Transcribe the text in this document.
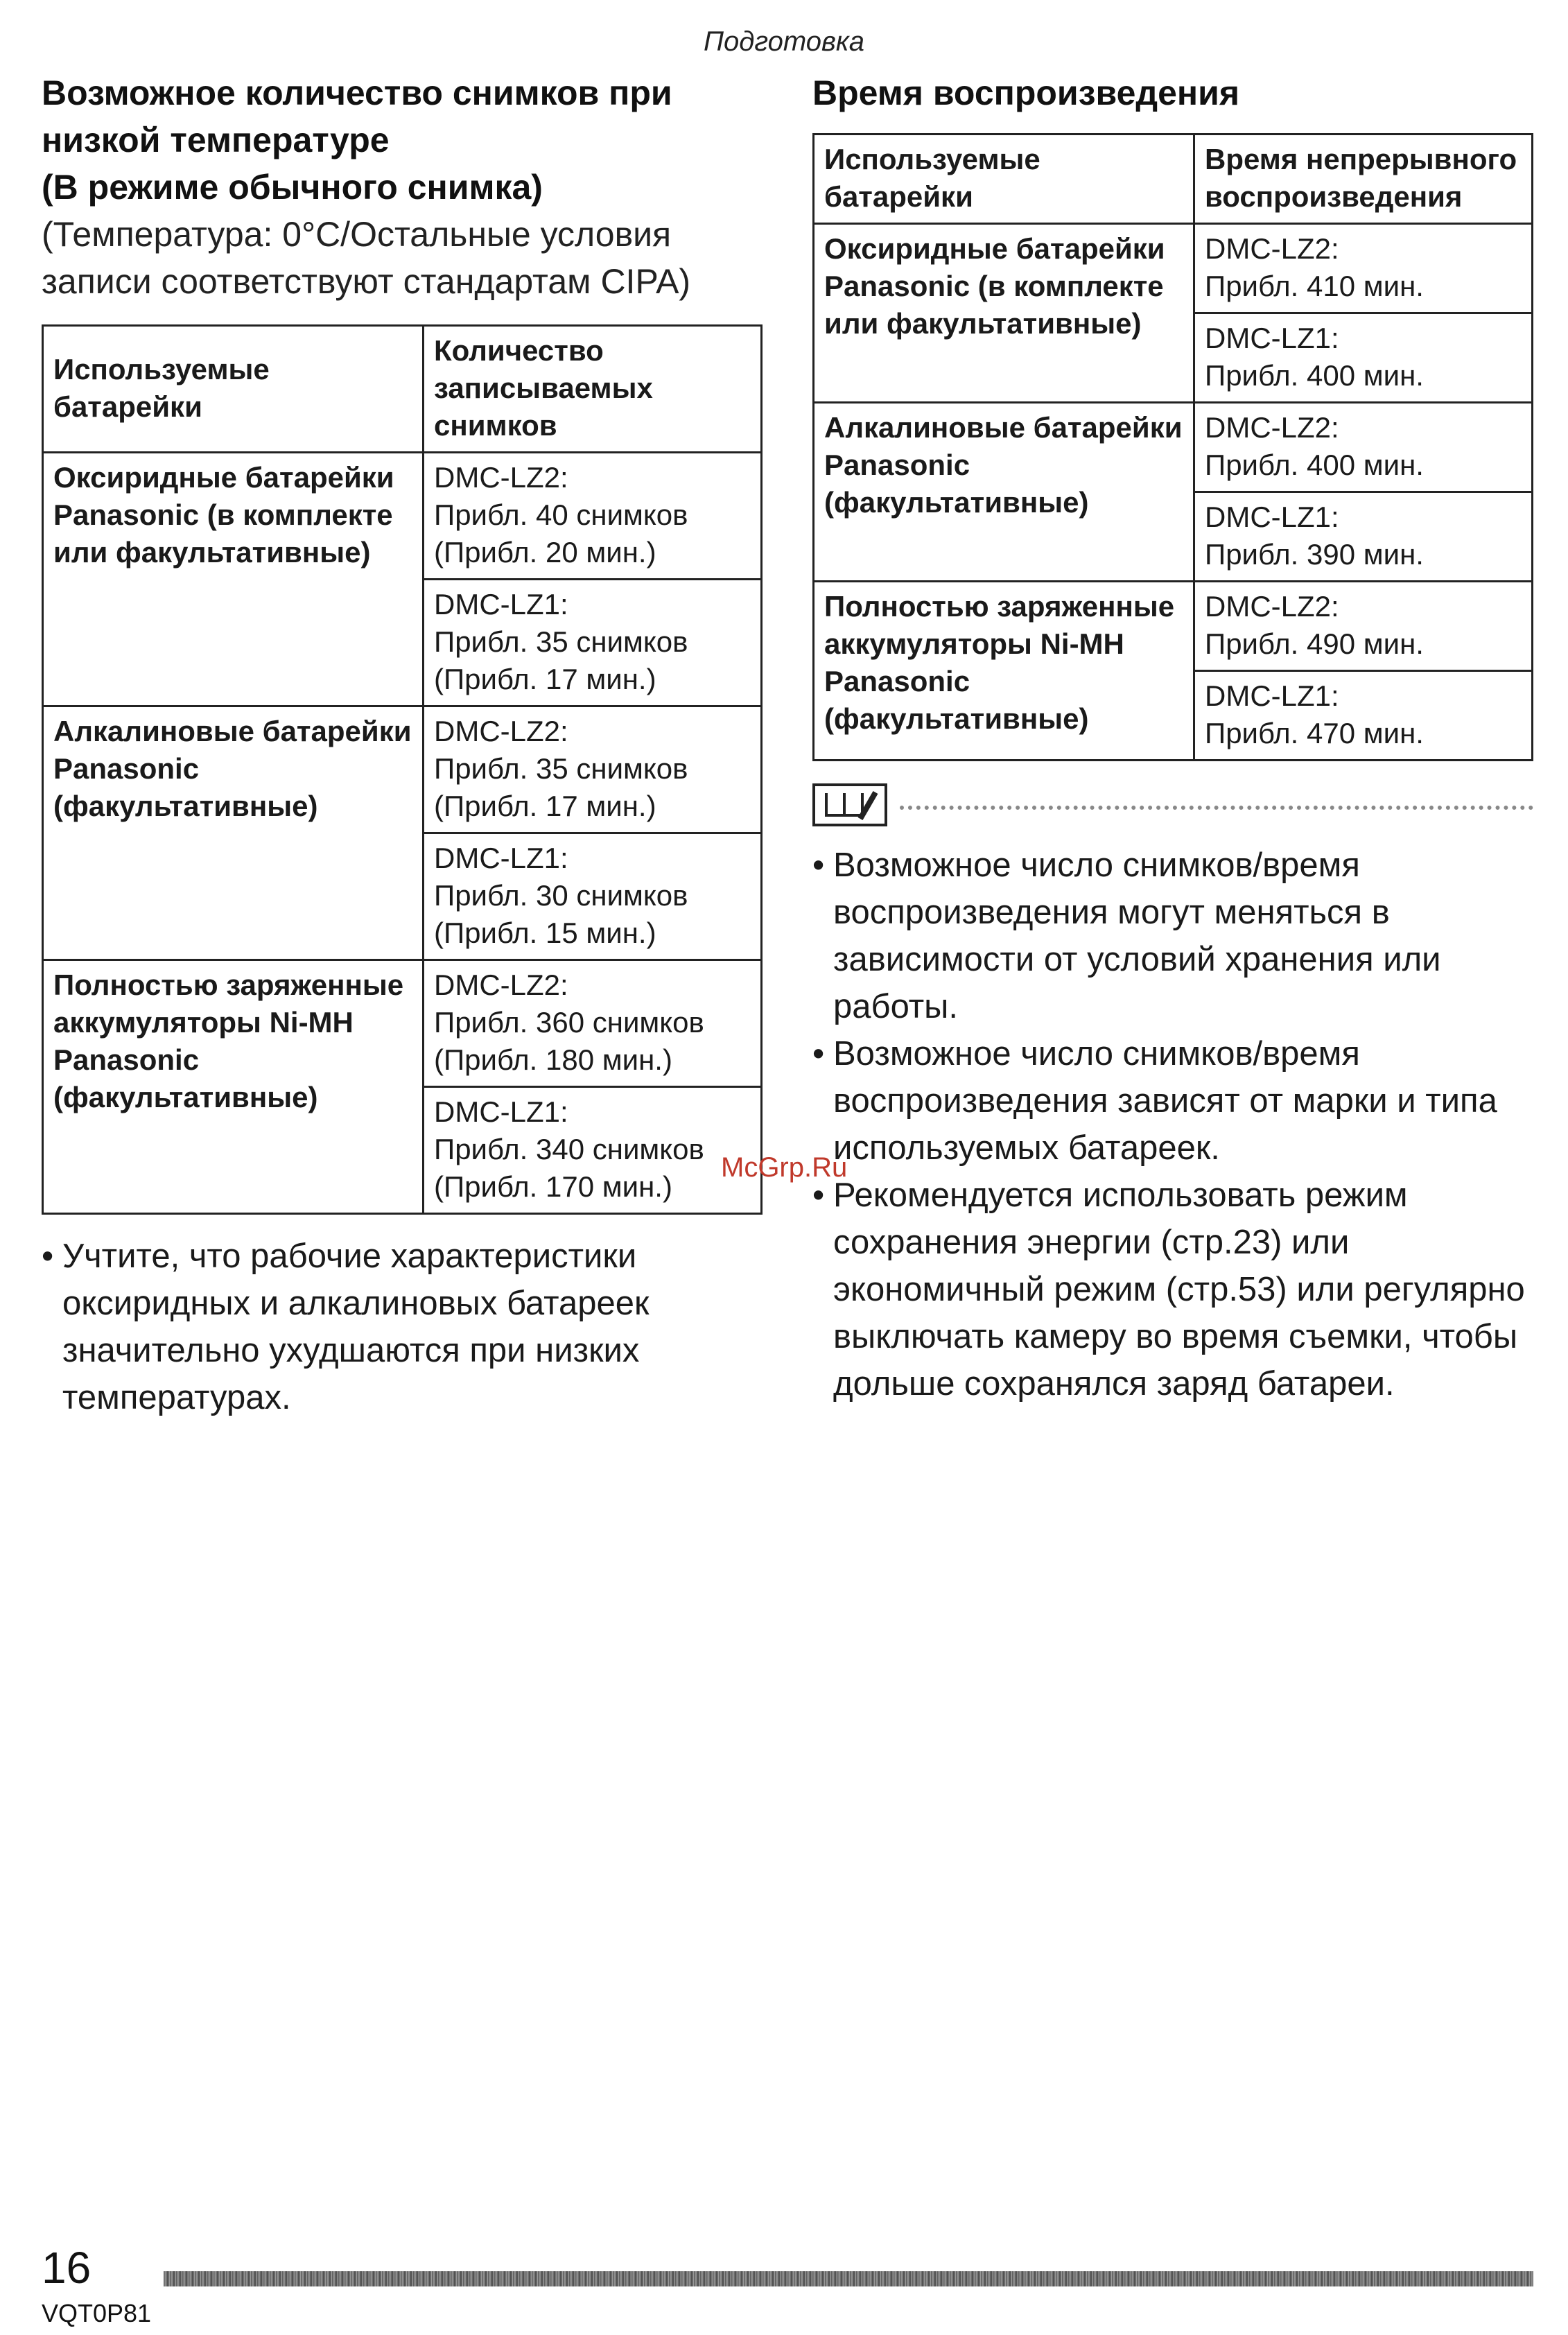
Подготовка
Возможное количество снимков при
низкой температуре
(В режиме обычного снимка)

(Температура: 0°C/Остальные условия
записи соответствуют стандартам CIPA)

Используемые батарейки	Количество записываемых снимков
Оксиридные батарейки Panasonic (в комплекте или факультативные)	DMC-LZ2:
Прибл. 40 снимков
(Прибл. 20 мин.)

	DMC-LZ1:
Прибл. 35 снимков
(Прибл. 17 мин.)

Алкалиновые батарейки Panasonic (факультативные)	DMC-LZ2:
Прибл. 35 снимков
(Прибл. 17 мин.)

	DMC-LZ1:
Прибл. 30 снимков
(Прибл. 15 мин.)

Полностью заряженные аккумуляторы Ni-MH Panasonic (факультативные)	DMC-LZ2:
Прибл. 360 снимков
(Прибл. 180 мин.)

	DMC-LZ1:
Прибл. 340 снимков
(Прибл. 170 мин.)
• Учтите, что рабочие характеристики оксиридных и алкалиновых батареек значительно ухудшаются при низких температурах.
Время воспроизведения
Используемые батарейки	Время непрерывного воспроизведения
Оксиридные батарейки Panasonic (в комплекте или факультативные)	DMC-LZ2:
Прибл. 410 мин.

	DMC-LZ1:
Прибл. 400 мин.

Алкалиновые батарейки Panasonic (факультативные)	DMC-LZ2:
Прибл. 400 мин.

	DMC-LZ1:
Прибл. 390 мин.

Полностью заряженные аккумуляторы Ni-MH Panasonic (факультативные)	DMC-LZ2:
Прибл. 490 мин.

	DMC-LZ1:
Прибл. 470 мин.
• Возможное число снимков/время воспроизведения могут меняться в зависимости от условий хранения или работы.
• Возможное число снимков/время воспроизведения зависят от марки и типа используемых батареек.
• Рекомендуется использовать режим сохранения энергии (стр.23) или экономичный режим (стр.53) или регулярно выключать камеру во время съемки, чтобы дольше сохранялся заряд батареи.
McGrp.Ru
16
VQT0P81
